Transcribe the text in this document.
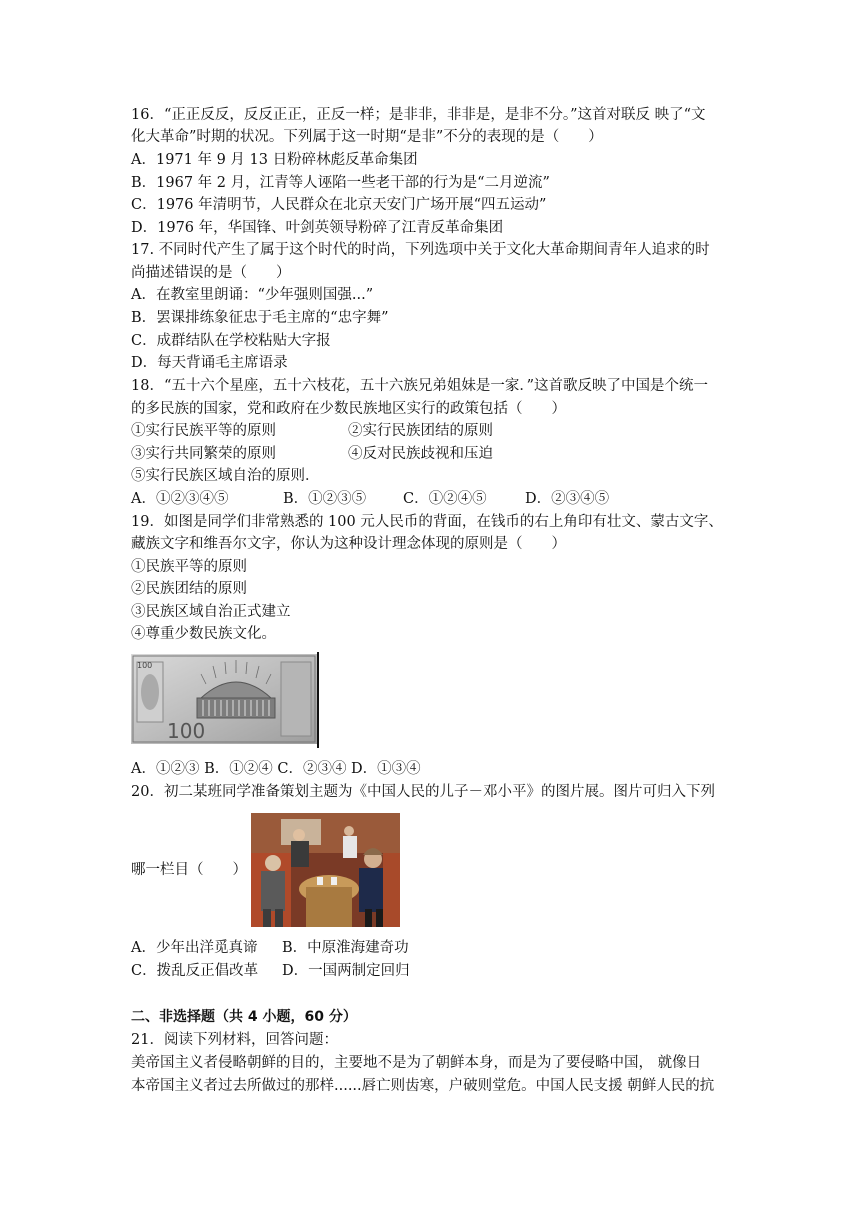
16．“正正反反，反反正正，正反一样；是非非，非非是，是非不分。”这首对联反 映了“文
化大革命”时期的状况。下列属于这一时期“是非”不分的表现的是（　　）
A．1971 年 9 月 13 日粉碎林彪反革命集团
B．1967 年 2 月，江青等人诬陷一些老干部的行为是“二月逆流”
C．1976 年清明节，人民群众在北京天安门广场开展“四五运动”
D．1976 年，华国锋、叶剑英领导粉碎了江青反革命集团
17. 不同时代产生了属于这个时代的时尚，下列选项中关于文化大革命期间青年人追求的时
尚描述错误的是（　　）
A．在教室里朗诵：“少年强则国强...”
B．罢课排练象征忠于毛主席的“忠字舞”
C．成群结队在学校粘贴大字报
D．每天背诵毛主席语录
18．“五十六个星座，五十六枝花，五十六族兄弟姐妹是一家．”这首歌反映了中国是个统一
的多民族的国家，党和政府在少数民族地区实行的政策包括（　　）
①实行民族平等的原则	②实行民族团结的原则
③实行共同繁荣的原则	④反对民族歧视和压迫
⑤实行民族区域自治的原则．
A．①②③④⑤	B．①②③⑤	C．①②④⑤	D．②③④⑤
19．如图是同学们非常熟悉的 100 元人民币的背面，在钱币的右上角印有壮文、蒙古文字、
藏族文字和维吾尔文字，你认为这种设计理念体现的原则是（　　）
①民族平等的原则
②民族团结的原则
③民族区域自治正式建立
④尊重少数民族文化。
100
100
A．①②③ B．①②④ C．②③④ D．①③④
20．初二某班同学准备策划主题为《中国人民的儿子－邓小平》的图片展。图片可归入下列
哪一栏目（　　）
A．少年出洋觅真谛 B．中原淮海建奇功
C．拨乱反正倡改革 D．一国两制定回归
二、非选择题（共 4 小题，60 分）
21．阅读下列材料，回答问题：
美帝国主义者侵略朝鲜的目的，主要地不是为了朝鲜本身，而是为了要侵略中国， 就像日
本帝国主义者过去所做过的那样......唇亡则齿寒，户破则堂危。中国人民支援 朝鲜人民的抗
